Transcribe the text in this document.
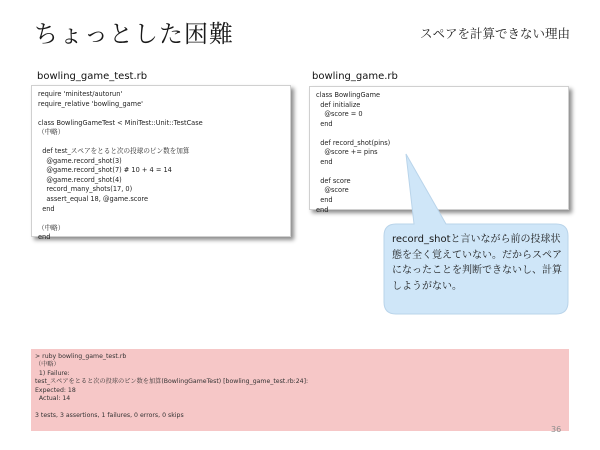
ちょっとした困難	スペアを計算できない理由
bowling_game_test.rb
require 'minitest/autorun'
require_relative 'bowling_game'

class BowlingGameTest < MiniTest::Unit::TestCase
（中略）

def test_スペアをとると次の投球のピン数を加算
@game.record_shot(3)
@game.record_shot(7) # 10 + 4 = 14
@game.record_shot(4)
record_many_shots(17, 0)
assert_equal 18, @game.score
end

（中略）
end
bowling_game.rb
class BowlingGame
def initialize
@score = 0
end

def record_shot(pins)
@score += pins
end

def score
@score
end
end
record_shotと言いながら前の投球状態を全く覚えていない。だからスペアになったことを判断できないし、計算しようがない。
> ruby bowling_game_test.rb
（中略）
1) Failure:
test_スペアをとると次の投球のピン数を加算(BowlingGameTest) [bowling_game_test.rb:24]:
Expected: 18
Actual: 14

3 tests, 3 assertions, 1 failures, 0 errors, 0 skips
36
